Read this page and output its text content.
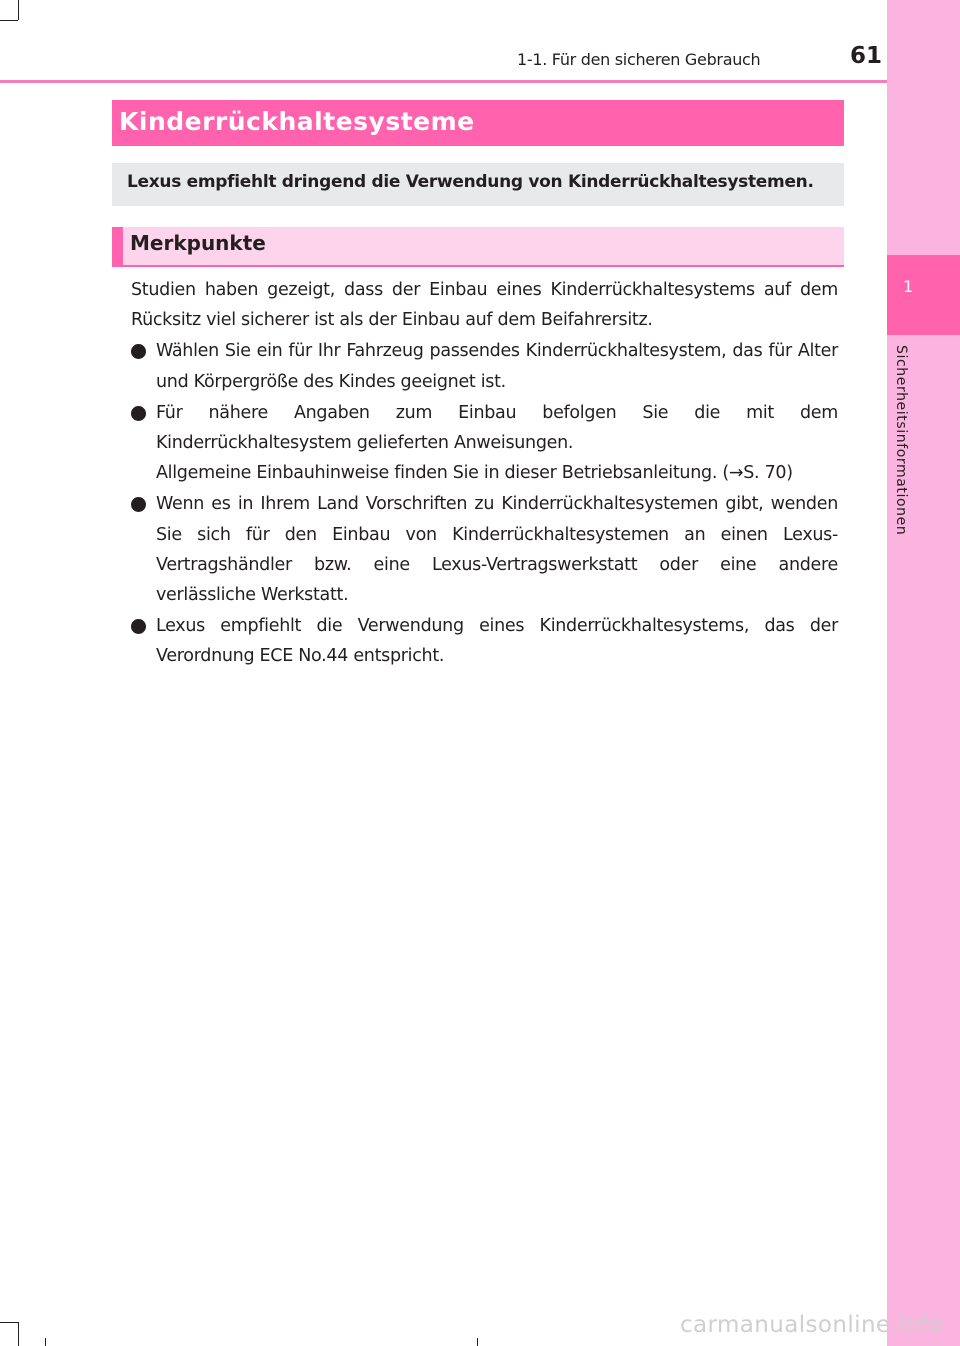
1-1. Für den sicheren Gebrauch	61
1
Sicherheitsinformationen
Kinderrückhaltesysteme
Lexus empfiehlt dringend die Verwendung von Kinderrückhaltesystemen.
Merkpunkte

Studien haben gezeigt, dass der Einbau eines Kinderrückhaltesystems auf dem Rücksitz viel sicherer ist als der Einbau auf dem Beifahrersitz.

Wählen Sie ein für Ihr Fahrzeug passendes Kinderrückhaltesystem, das für Alter und Körpergröße des Kindes geeignet ist.
Für nähere Angaben zum Einbau befolgen Sie die mit dem Kinderrückhaltesystem gelieferten Anweisungen.
Allgemeine Einbauhinweise finden Sie in dieser Betriebsanleitung. (→S. 70)
Wenn es in Ihrem Land Vorschriften zu Kinderrückhaltesystemen gibt, wenden Sie sich für den Einbau von Kinderrückhaltesystemen an einen Lexus-Vertragshändler bzw. eine Lexus-Vertragswerkstatt oder eine andere verlässliche Werkstatt.
Lexus empfiehlt die Verwendung eines Kinderrückhaltesystems, das der Verordnung ECE No.44 entspricht.
carmanualsonline.info
